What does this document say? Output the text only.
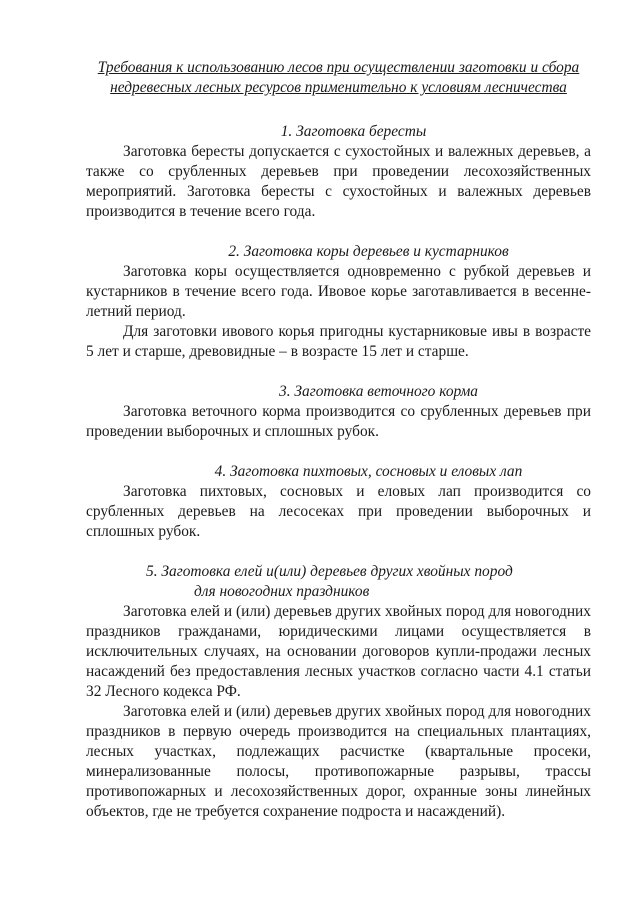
Требования к использованию лесов при осуществлении заготовки и сбора
недревесных лесных ресурсов применительно к условиям лесничества
1. Заготовка бересты

Заготовка бересты допускается с сухостойных и валежных деревьев, а также со срубленных деревьев при проведении лесохозяйственных мероприятий. Заготовка бересты с сухостойных и валежных деревьев производится в течение всего года.

2. Заготовка коры деревьев и кустарников

Заготовка коры осуществляется одновременно с рубкой деревьев и кустарников в течение всего года. Ивовое корье заготавливается в весенне-летний период.

Для заготовки ивового корья пригодны кустарниковые ивы в возрасте 5 лет и старше, древовидные – в возрасте 15 лет и старше.

3. Заготовка веточного корма

Заготовка веточного корма производится со срубленных деревьев при проведении выборочных и сплошных рубок.

4. Заготовка пихтовых, сосновых и еловых лап

Заготовка пихтовых, сосновых и еловых лап производится со срубленных деревьев на лесосеках при проведении выборочных и сплошных рубок.

5. Заготовка елей и(или) деревьев других хвойных пород
для новогодних праздников

Заготовка елей и (или) деревьев других хвойных пород для новогодних праздников гражданами, юридическими лицами осуществляется в исключительных случаях, на основании договоров купли-продажи лесных насаждений без предоставления лесных участков согласно части 4.1 статьи 32 Лесного кодекса РФ.

Заготовка елей и (или) деревьев других хвойных пород для новогодних праздников в первую очередь производится на специальных плантациях, лесных участках, подлежащих расчистке (квартальные просеки, минерализованные полосы, противопожарные разрывы, трассы противопожарных и лесохозяйственных дорог, охранные зоны линейных объектов, где не требуется сохранение подроста и насаждений).
